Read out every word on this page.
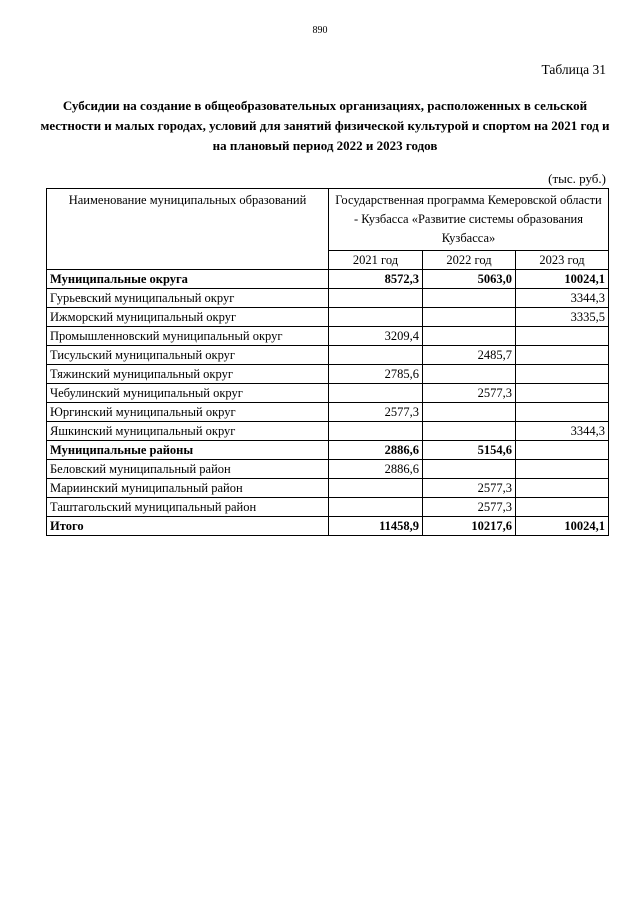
890
Таблица 31
Субсидии на создание в общеобразовательных организациях, расположенных в сельской местности и малых городах, условий для занятий физической культурой и спортом на 2021 год и на плановый период 2022 и 2023 годов
(тыс. руб.)
Наименование муниципальных образований	Государственная программа Кемеровской области - Кузбасса «Развитие системы образования Кузбасса»		
	2021 год	2022 год	2023 год
Муниципальные округа	8572,3	5063,0	10024,1
Гурьевский муниципальный округ			3344,3
Ижморский муниципальный округ			3335,5
Промышленновский муниципальный округ	3209,4		
Тисульский муниципальный округ		2485,7	
Тяжинский муниципальный округ	2785,6		
Чебулинский муниципальный округ		2577,3	
Юргинский муниципальный округ	2577,3		
Яшкинский муниципальный округ			3344,3
Муниципальные районы	2886,6	5154,6	
Беловский муниципальный район	2886,6		
Мариинский муниципальный район		2577,3	
Таштагольский муниципальный район		2577,3	
Итого	11458,9	10217,6	10024,1
